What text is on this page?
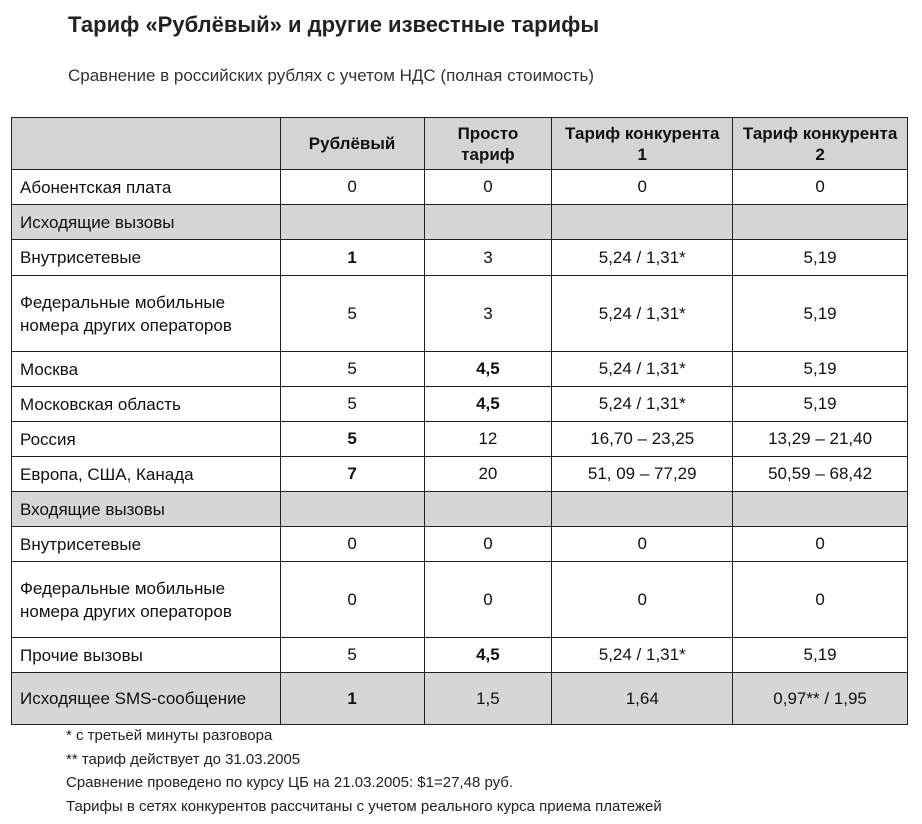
Тариф «Рублёвый» и другие известные тарифы
Сравнение в российских рублях с учетом НДС (полная стоимость)
	Рублёвый	Просто тариф	Тариф конкурента 1	Тариф конкурента 2
Абонентская плата	0	0	0	0
Исходящие вызовы				
Внутрисетевые	1	3	5,24 / 1,31*	5,19
Федеральные мобильные номера других операторов	5	3	5,24 / 1,31*	5,19
Москва	5	4,5	5,24 / 1,31*	5,19
Московская область	5	4,5	5,24 / 1,31*	5,19
Россия	5	12	16,70 – 23,25	13,29 – 21,40
Европа, США, Канада	7	20	51, 09 – 77,29	50,59 – 68,42
Входящие вызовы				
Внутрисетевые	0	0	0	0
Федеральные мобильные номера других операторов	0	0	0	0
Прочие вызовы	5	4,5	5,24 / 1,31*	5,19
Исходящее SMS-сообщение	1	1,5	1,64	0,97** / 1,95
* с третьей минуты разговора
** тариф действует до 31.03.2005
Сравнение проведено по курсу ЦБ на 21.03.2005: $1=27,48 руб.
Тарифы в сетях конкурентов рассчитаны с учетом реального курса приема платежей
